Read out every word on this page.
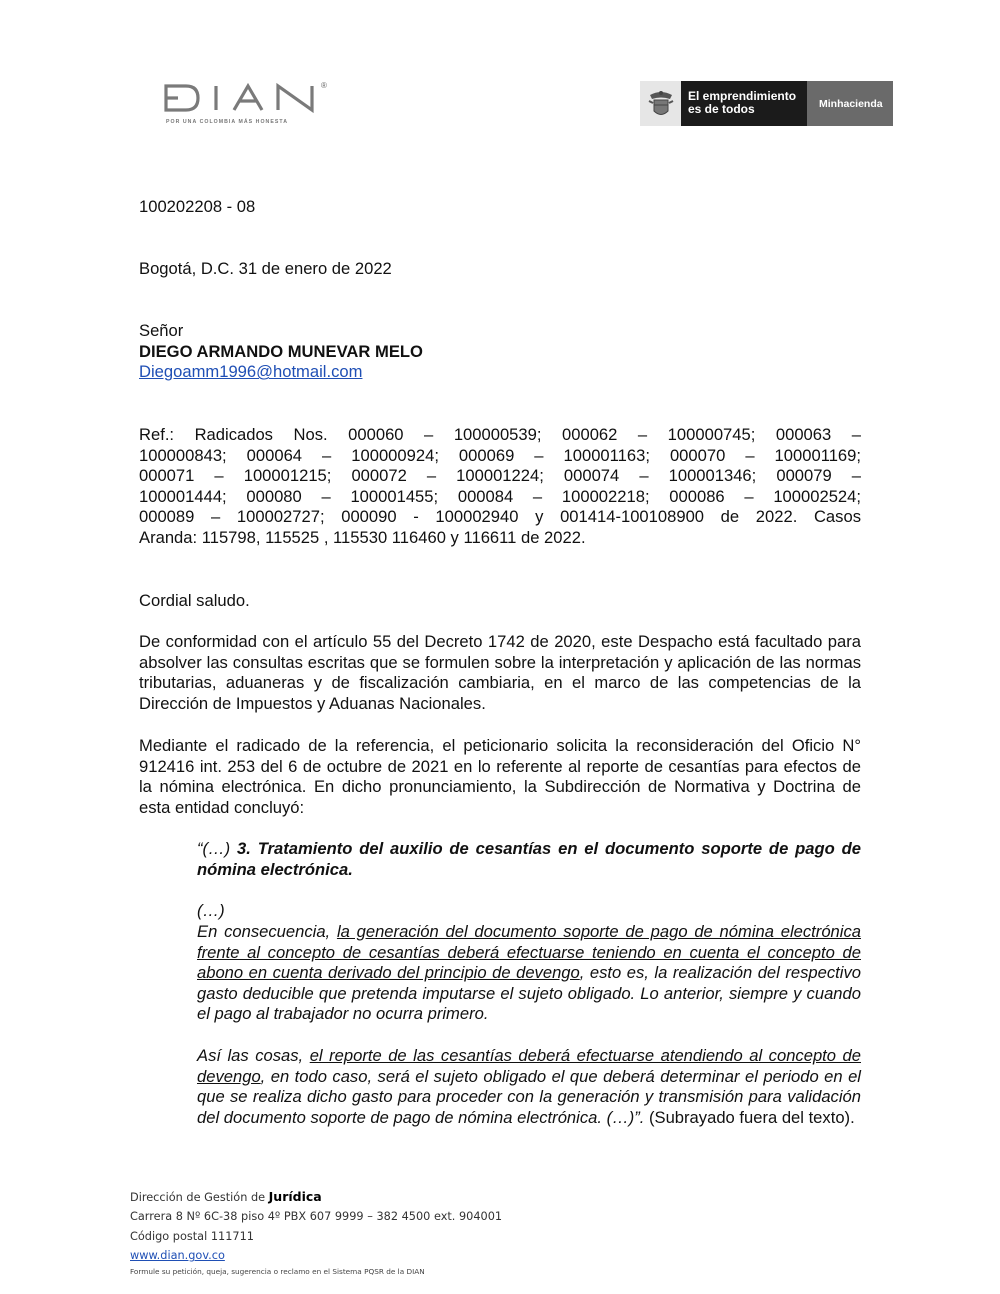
DIAN
®
POR UNA COLOMBIA MÁS HONESTA
El emprendimiento
es de todos	Minhacienda
100202208 - 08
Bogotá, D.C. 31 de enero de 2022
Señor
DIEGO ARMANDO MUNEVAR MELO
Diegoamm1996@hotmail.com
Ref.: Radicados Nos. 000060 – 100000539; 000062 – 100000745; 000063 –
100000843; 000064 – 100000924; 000069 – 100001163; 000070 – 100001169;
000071 – 100001215; 000072 – 100001224; 000074 – 100001346; 000079 –
100001444; 000080 – 100001455; 000084 – 100002218; 000086 – 100002524;
000089 – 100002727; 000090 - 100002940 y 001414-100108900 de 2022. Casos
Aranda: 115798, 115525 , 115530 116460 y 116611 de 2022.
Cordial saludo.
De conformidad con el artículo 55 del Decreto 1742 de 2020, este Despacho está facultado para absolver las consultas escritas que se formulen sobre la interpretación y aplicación de las normas tributarias, aduaneras y de fiscalización cambiaria, en el marco de las competencias de la Dirección de Impuestos y Aduanas Nacionales.
Mediante el radicado de la referencia, el peticionario solicita la reconsideración del Oficio N° 912416 int. 253 del 6 de octubre de 2021 en lo referente al reporte de cesantías para efectos de la nómina electrónica. En dicho pronunciamiento, la Subdirección de Normativa y Doctrina de esta entidad concluyó:
“(…) 3. Tratamiento del auxilio de cesantías en el documento soporte de pago de nómina electrónica.
(…)
En consecuencia, la generación del documento soporte de pago de nómina electrónica frente al concepto de cesantías deberá efectuarse teniendo en cuenta el concepto de abono en cuenta derivado del principio de devengo, esto es, la realización del respectivo gasto deducible que pretenda imputarse el sujeto obligado. Lo anterior, siempre y cuando el pago al trabajador no ocurra primero.
Así las cosas, el reporte de las cesantías deberá efectuarse atendiendo al concepto de devengo, en todo caso, será el sujeto obligado el que deberá determinar el periodo en el que se realiza dicho gasto para proceder con la generación y transmisión para validación del documento soporte de pago de nómina electrónica. (…)”. (Subrayado fuera del texto).
Dirección de Gestión de Jurídica
Carrera 8 Nº 6C-38 piso 4º PBX 607 9999 – 382 4500 ext. 904001
Código postal 111711
www.dian.gov.co
Formule su petición, queja, sugerencia o reclamo en el Sistema PQSR de la DIAN
